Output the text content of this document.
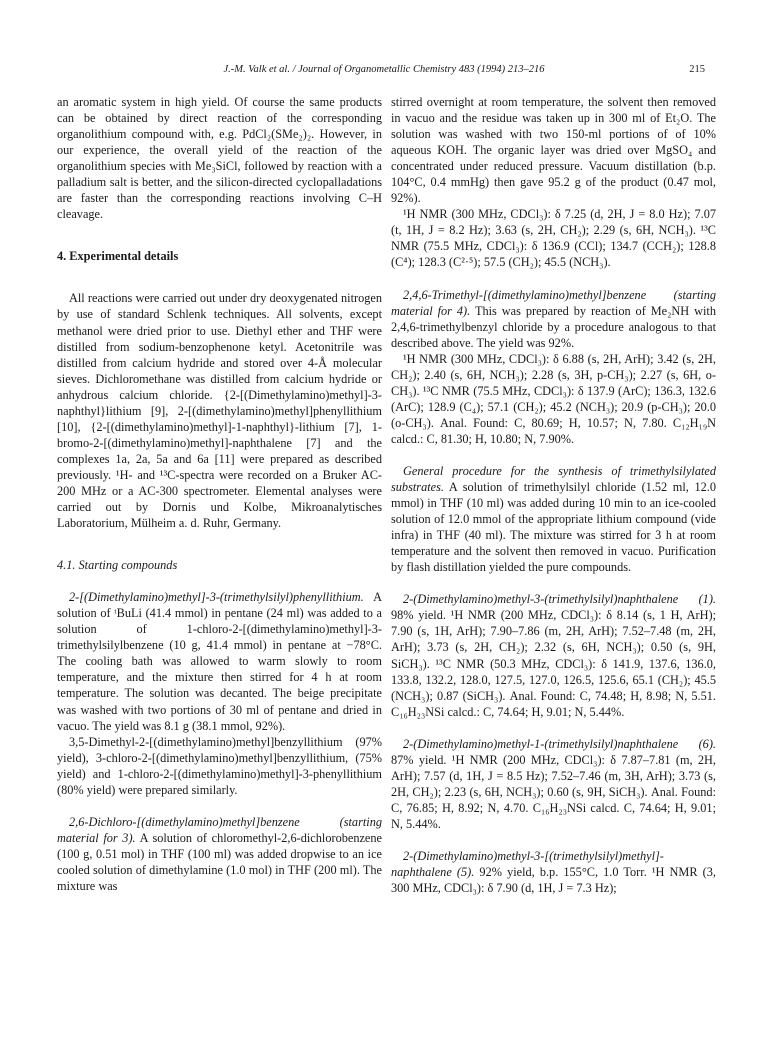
J.-M. Valk et al. / Journal of Organometallic Chemistry 483 (1994) 213–216	215

an aromatic system in high yield. Of course the same products can be obtained by direct reaction of the corresponding organolithium compound with, e.g. PdCl₂(SMe₂)₂. However, in our experience, the overall yield of the reaction of the organolithium species with Me₃SiCl, followed by reaction with a palladium salt is better, and the silicon-directed cyclopalladations are faster than the corresponding reactions involving C–H cleavage.

4. Experimental details

All reactions were carried out under dry deoxygenated nitrogen by use of standard Schlenk techniques. All solvents, except methanol were dried prior to use. Diethyl ether and THF were distilled from sodium-benzophenone ketyl. Acetonitrile was distilled from calcium hydride and stored over 4-Å molecular sieves. Dichloromethane was distilled from calcium hydride or anhydrous calcium chloride. {2-[(Dimethylamino)methyl]-3-naphthyl}lithium [9], 2-[(dimethylamino)methyl]phenyllithium [10], {2-[(dimethylamino)methyl]-1-naphthyl}-lithium [7], 1-bromo-2-[(dimethylamino)methyl]-naphthalene [7] and the complexes 1a, 2a, 5a and 6a [11] were prepared as described previously. ¹H- and ¹³C-spectra were recorded on a Bruker AC-200 MHz or a AC-300 spectrometer. Elemental analyses were carried out by Dornis und Kolbe, Mikroanalytisches Laboratorium, Mülheim a. d. Ruhr, Germany.

4.1. Starting compounds

2-[(Dimethylamino)methyl]-3-(trimethylsilyl)phenyllithium. A solution of ᵗBuLi (41.4 mmol) in pentane (24 ml) was added to a solution of 1-chloro-2-[(dimethylamino)methyl]-3-trimethylsilylbenzene (10 g, 41.4 mmol) in pentane at −78°C. The cooling bath was allowed to warm slowly to room temperature, and the mixture then stirred for 4 h at room temperature. The solution was decanted. The beige precipitate was washed with two portions of 30 ml of pentane and dried in vacuo. The yield was 8.1 g (38.1 mmol, 92%).

3,5-Dimethyl-2-[(dimethylamino)methyl]benzyllithium (97% yield), 3-chloro-2-[(dimethylamino)methyl]benzyllithium, (75% yield) and 1-chloro-2-[(dimethylamino)methyl]-3-phenyllithium (80% yield) were prepared similarly.

2,6-Dichloro-[(dimethylamino)methyl]benzene (starting material for 3). A solution of chloromethyl-2,6-dichlorobenzene (100 g, 0.51 mol) in THF (100 ml) was added dropwise to an ice cooled solution of dimethylamine (1.0 mol) in THF (200 ml). The mixture was

stirred overnight at room temperature, the solvent then removed in vacuo and the residue was taken up in 300 ml of Et₂O. The solution was washed with two 150-ml portions of of 10% aqueous KOH. The organic layer was dried over MgSO₄ and concentrated under reduced pressure. Vacuum distillation (b.p. 104°C, 0.4 mmHg) then gave 95.2 g of the product (0.47 mol, 92%).

¹H NMR (300 MHz, CDCl₃): δ 7.25 (d, 2H, J = 8.0 Hz); 7.07 (t, 1H, J = 8.2 Hz); 3.63 (s, 2H, CH₂); 2.29 (s, 6H, NCH₃). ¹³C NMR (75.5 MHz, CDCl₃): δ 136.9 (CCl); 134.7 (CCH₂); 128.8 (C⁴); 128.3 (C²·⁵); 57.5 (CH₂); 45.5 (NCH₃).

2,4,6-Trimethyl-[(dimethylamino)methyl]benzene (starting material for 4). This was prepared by reaction of Me₂NH with 2,4,6-trimethylbenzyl chloride by a procedure analogous to that described above. The yield was 92%.

¹H NMR (300 MHz, CDCl₃): δ 6.88 (s, 2H, ArH); 3.42 (s, 2H, CH₂); 2.40 (s, 6H, NCH₃); 2.28 (s, 3H, p-CH₃); 2.27 (s, 6H, o-CH₃). ¹³C NMR (75.5 MHz, CDCl₃): δ 137.9 (ArC); 136.3, 132.6 (ArC); 128.9 (C₄); 57.1 (CH₂); 45.2 (NCH₃); 20.9 (p-CH₃); 20.0 (o-CH₃). Anal. Found: C, 80.69; H, 10.57; N, 7.80. C₁₂H₁₉N calcd.: C, 81.30; H, 10.80; N, 7.90%.

General procedure for the synthesis of trimethylsilylated substrates. A solution of trimethylsilyl chloride (1.52 ml, 12.0 mmol) in THF (10 ml) was added during 10 min to an ice-cooled solution of 12.0 mmol of the appropriate lithium compound (vide infra) in THF (40 ml). The mixture was stirred for 3 h at room temperature and the solvent then removed in vacuo. Purification by flash distillation yielded the pure compounds.

2-(Dimethylamino)methyl-3-(trimethylsilyl)naphthalene (1). 98% yield. ¹H NMR (200 MHz, CDCl₃): δ 8.14 (s, 1 H, ArH); 7.90 (s, 1H, ArH); 7.90–7.86 (m, 2H, ArH); 7.52–7.48 (m, 2H, ArH); 3.73 (s, 2H, CH₂); 2.32 (s, 6H, NCH₃); 0.50 (s, 9H, SiCH₃). ¹³C NMR (50.3 MHz, CDCl₃): δ 141.9, 137.6, 136.0, 133.8, 132.2, 128.0, 127.5, 127.0, 126.5, 125.6, 65.1 (CH₂); 45.5 (NCH₃); 0.87 (SiCH₃). Anal. Found: C, 74.48; H, 8.98; N, 5.51. C₁₆H₂₃NSi calcd.: C, 74.64; H, 9.01; N, 5.44%.

2-(Dimethylamino)methyl-1-(trimethylsilyl)naphthalene (6). 87% yield. ¹H NMR (200 MHz, CDCl₃): δ 7.87–7.81 (m, 2H, ArH); 7.57 (d, 1H, J = 8.5 Hz); 7.52–7.46 (m, 3H, ArH); 3.73 (s, 2H, CH₂); 2.23 (s, 6H, NCH₃); 0.60 (s, 9H, SiCH₃). Anal. Found: C, 76.85; H, 8.92; N, 4.70. C₁₆H₂₃NSi calcd. C, 74.64; H, 9.01; N, 5.44%.

2-(Dimethylamino)methyl-3-[(trimethylsilyl)methyl]-naphthalene (5). 92% yield, b.p. 155°C, 1.0 Torr. ¹H NMR (3, 300 MHz, CDCl₃): δ 7.90 (d, 1H, J = 7.3 Hz);
